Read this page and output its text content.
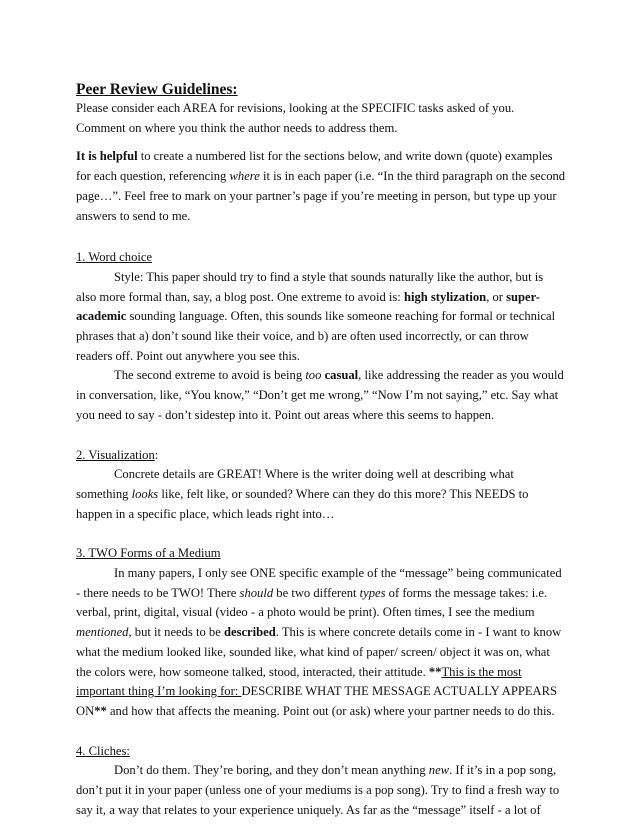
Peer Review Guidelines:

Please consider each AREA for revisions, looking at the SPECIFIC tasks asked of you. Comment on where you think the author needs to address them.

It is helpful to create a numbered list for the sections below, and write down (quote) examples for each question, referencing where it is in each paper (i.e. “In the third paragraph on the second page…”. Feel free to mark on your partner’s page if you’re meeting in person, but type up your answers to send to me.

1. Word choice

Style: This paper should try to find a style that sounds naturally like the author, but is also more formal than, say, a blog post. One extreme to avoid is: high stylization, or super-academic sounding language. Often, this sounds like someone reaching for formal or technical phrases that a) don’t sound like their voice, and b) are often used incorrectly, or can throw readers off. Point out anywhere you see this.

The second extreme to avoid is being too casual, like addressing the reader as you would in conversation, like, “You know,” “Don’t get me wrong,” “Now I’m not saying,” etc. Say what you need to say - don’t sidestep into it. Point out areas where this seems to happen.

2. Visualization:

Concrete details are GREAT! Where is the writer doing well at describing what something looks like, felt like, or sounded? Where can they do this more? This NEEDS to happen in a specific place, which leads right into…

3. TWO Forms of a Medium

In many papers, I only see ONE specific example of the “message” being communicated - there needs to be TWO! There should be two different types of forms the message takes: i.e. verbal, print, digital, visual (video - a photo would be print). Often times, I see the medium mentioned, but it needs to be described. This is where concrete details come in - I want to know what the medium looked like, sounded like, what kind of paper/ screen/ object it was on, what the colors were, how someone talked, stood, interacted, their attitude. **This is the most important thing I’m looking for: DESCRIBE WHAT THE MESSAGE ACTUALLY APPEARS ON** and how that affects the meaning. Point out (or ask) where your partner needs to do this.

4. Cliches:

Don’t do them. They’re boring, and they don’t mean anything new. If it’s in a pop song, don’t put it in your paper (unless one of your mediums is a pop song). Try to find a fresh way to say it, a way that relates to your experience uniquely. As far as the “message” itself - a lot of
